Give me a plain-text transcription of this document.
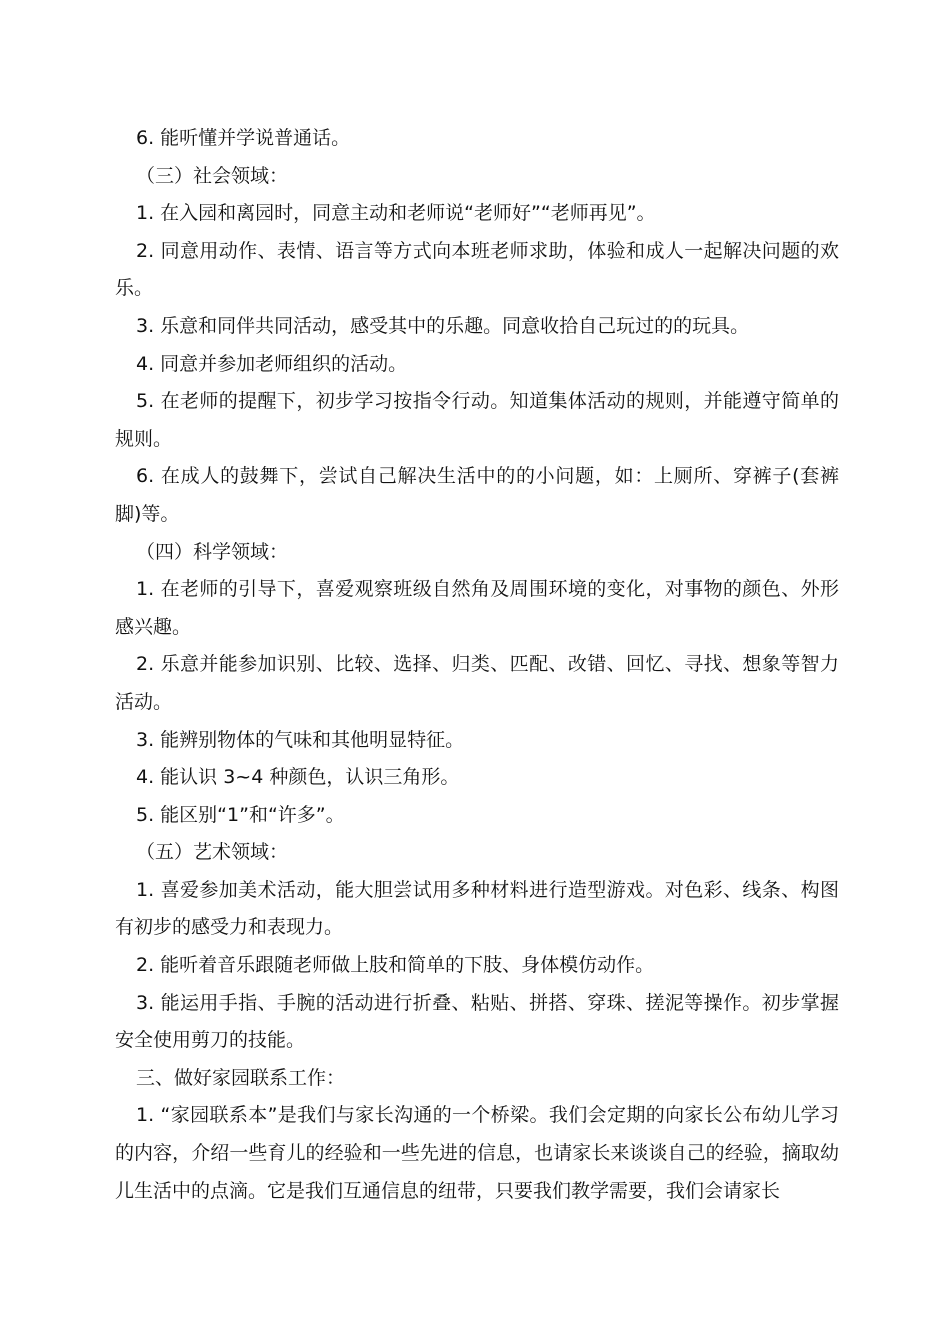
6. 能听懂并学说普通话。

（三）社会领域：

1. 在入园和离园时，同意主动和老师说“老师好”“老师再见”。

2. 同意用动作、表情、语言等方式向本班老师求助，体验和成人一起解决问题的欢乐。

3. 乐意和同伴共同活动，感受其中的乐趣。同意收拾自己玩过的的玩具。

4. 同意并参加老师组织的活动。

5. 在老师的提醒下，初步学习按指令行动。知道集体活动的规则，并能遵守简单的规则。

6. 在成人的鼓舞下，尝试自己解决生活中的的小问题，如：上厕所、穿裤子(套裤脚)等。

（四）科学领域：

1. 在老师的引导下，喜爱观察班级自然角及周围环境的变化，对事物的颜色、外形感兴趣。

2. 乐意并能参加识别、比较、选择、归类、匹配、改错、回忆、寻找、想象等智力活动。

3. 能辨别物体的气味和其他明显特征。

4. 能认识 3~4 种颜色，认识三角形。

5. 能区别“1”和“许多”。

（五）艺术领域：

1. 喜爱参加美术活动，能大胆尝试用多种材料进行造型游戏。对色彩、线条、构图有初步的感受力和表现力。

2. 能听着音乐跟随老师做上肢和简单的下肢、身体模仿动作。

3. 能运用手指、手腕的活动进行折叠、粘贴、拼搭、穿珠、搓泥等操作。初步掌握安全使用剪刀的技能。

三、做好家园联系工作：

1. “家园联系本”是我们与家长沟通的一个桥梁。我们会定期的向家长公布幼儿学习的内容，介绍一些育儿的经验和一些先进的信息，也请家长来谈谈自己的经验，摘取幼儿生活中的点滴。它是我们互通信息的纽带，只要我们教学需要，我们会请家长
